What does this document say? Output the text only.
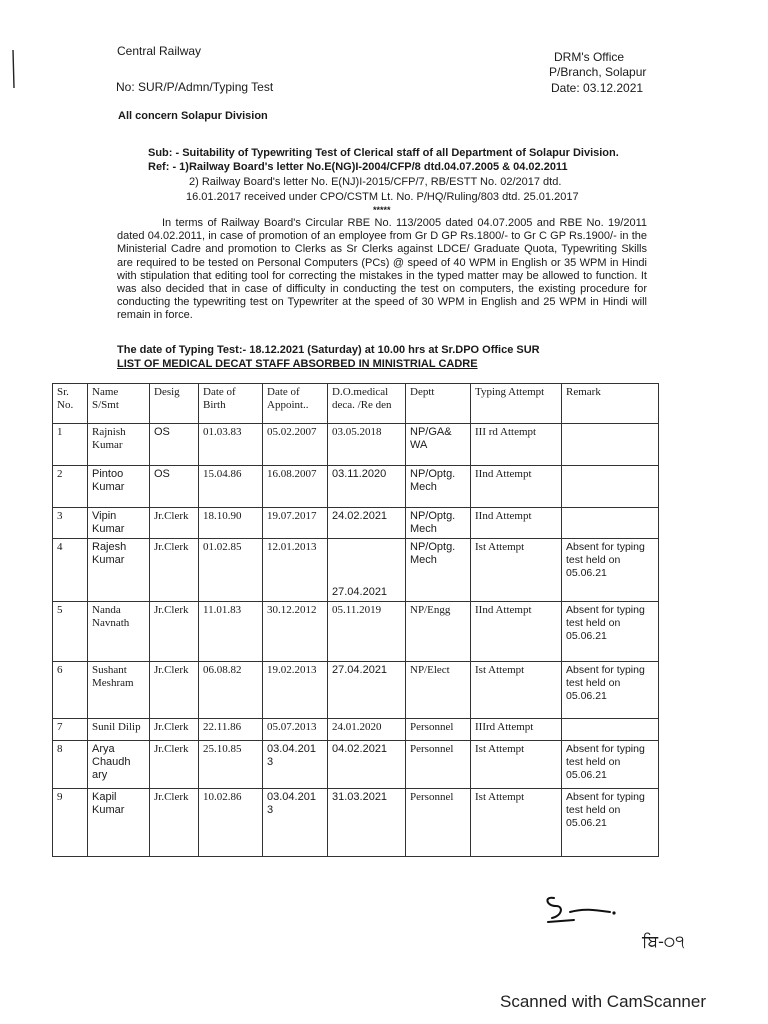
Central Railway
No: SUR/P/Admn/Typing Test
DRM's Office
P/Branch, Solapur
Date: 03.12.2021
All concern Solapur Division
Sub: - Suitability of Typewriting Test of Clerical staff of all Department of Solapur Division.
Ref: - 1)Railway Board's letter No.E(NG)I-2004/CFP/8 dtd.04.07.2005 & 04.02.2011
2) Railway Board's letter No. E(NJ)I-2015/CFP/7, RB/ESTT No. 02/2017 dtd.
16.01.2017 received under CPO/CSTM Lt. No. P/HQ/Ruling/803 dtd. 25.01.2017
*****
In terms of Railway Board's Circular RBE No. 113/2005 dated 04.07.2005 and RBE No. 19/2011 dated 04.02.2011, in case of promotion of an employee from Gr D GP Rs.1800/- to Gr C GP Rs.1900/- in the Ministerial Cadre and promotion to Clerks as Sr Clerks against LDCE/ Graduate Quota, Typewriting Skills are required to be tested on Personal Computers (PCs) @ speed of 40 WPM in English or 35 WPM in Hindi with stipulation that editing tool for correcting the mistakes in the typed matter may be allowed to function. It was also decided that in case of difficulty in conducting the test on computers, the existing procedure for conducting the typewriting test on Typewriter at the speed of 30 WPM in English and 25 WPM in Hindi will remain in force.
The date of Typing Test:- 18.12.2021 (Saturday) at 10.00 hrs at Sr.DPO Office SUR
LIST OF MEDICAL DECAT STAFF ABSORBED IN MINISTRIAL CADRE
Sr. No.	Name S/Smt	Desig	Date of Birth	Date of Appoint..	D.O.medical deca. /Re den	Deptt	Typing Attempt	Remark
1	Rajnish Kumar	OS	01.03.83	05.02.2007	03.05.2018	NP/GA& WA	III rd Attempt	
2	Pintoo Kumar	OS	15.04.86	16.08.2007	03.11.2020	NP/Optg. Mech	IInd Attempt	
3	Vipin Kumar	Jr.Clerk	18.10.90	19.07.2017	24.02.2021	NP/Optg. Mech	IInd Attempt	
4	Rajesh Kumar	Jr.Clerk	01.02.85	12.01.2013	27.04.2021	NP/Optg. Mech	Ist Attempt	Absent for typing test held on 05.06.21
5	Nanda Navnath	Jr.Clerk	11.01.83	30.12.2012	05.11.2019	NP/Engg	IInd Attempt	Absent for typing test held on 05.06.21
6	Sushant Meshram	Jr.Clerk	06.08.82	19.02.2013	27.04.2021	NP/Elect	Ist Attempt	Absent for typing test held on 05.06.21
7	Sunil Dilip	Jr.Clerk	22.11.86	05.07.2013	24.01.2020	Personnel	IIIrd Attempt	
8	Arya Chaudh ary	Jr.Clerk	25.10.85	03.04.201 3	04.02.2021	Personnel	Ist Attempt	Absent for typing test held on 05.06.21
9	Kapil Kumar	Jr.Clerk	10.02.86	03.04.201 3	31.03.2021	Personnel	Ist Attempt	Absent for typing test held on 05.06.21
ਬਿ-੦੧
Scanned with CamScanner
